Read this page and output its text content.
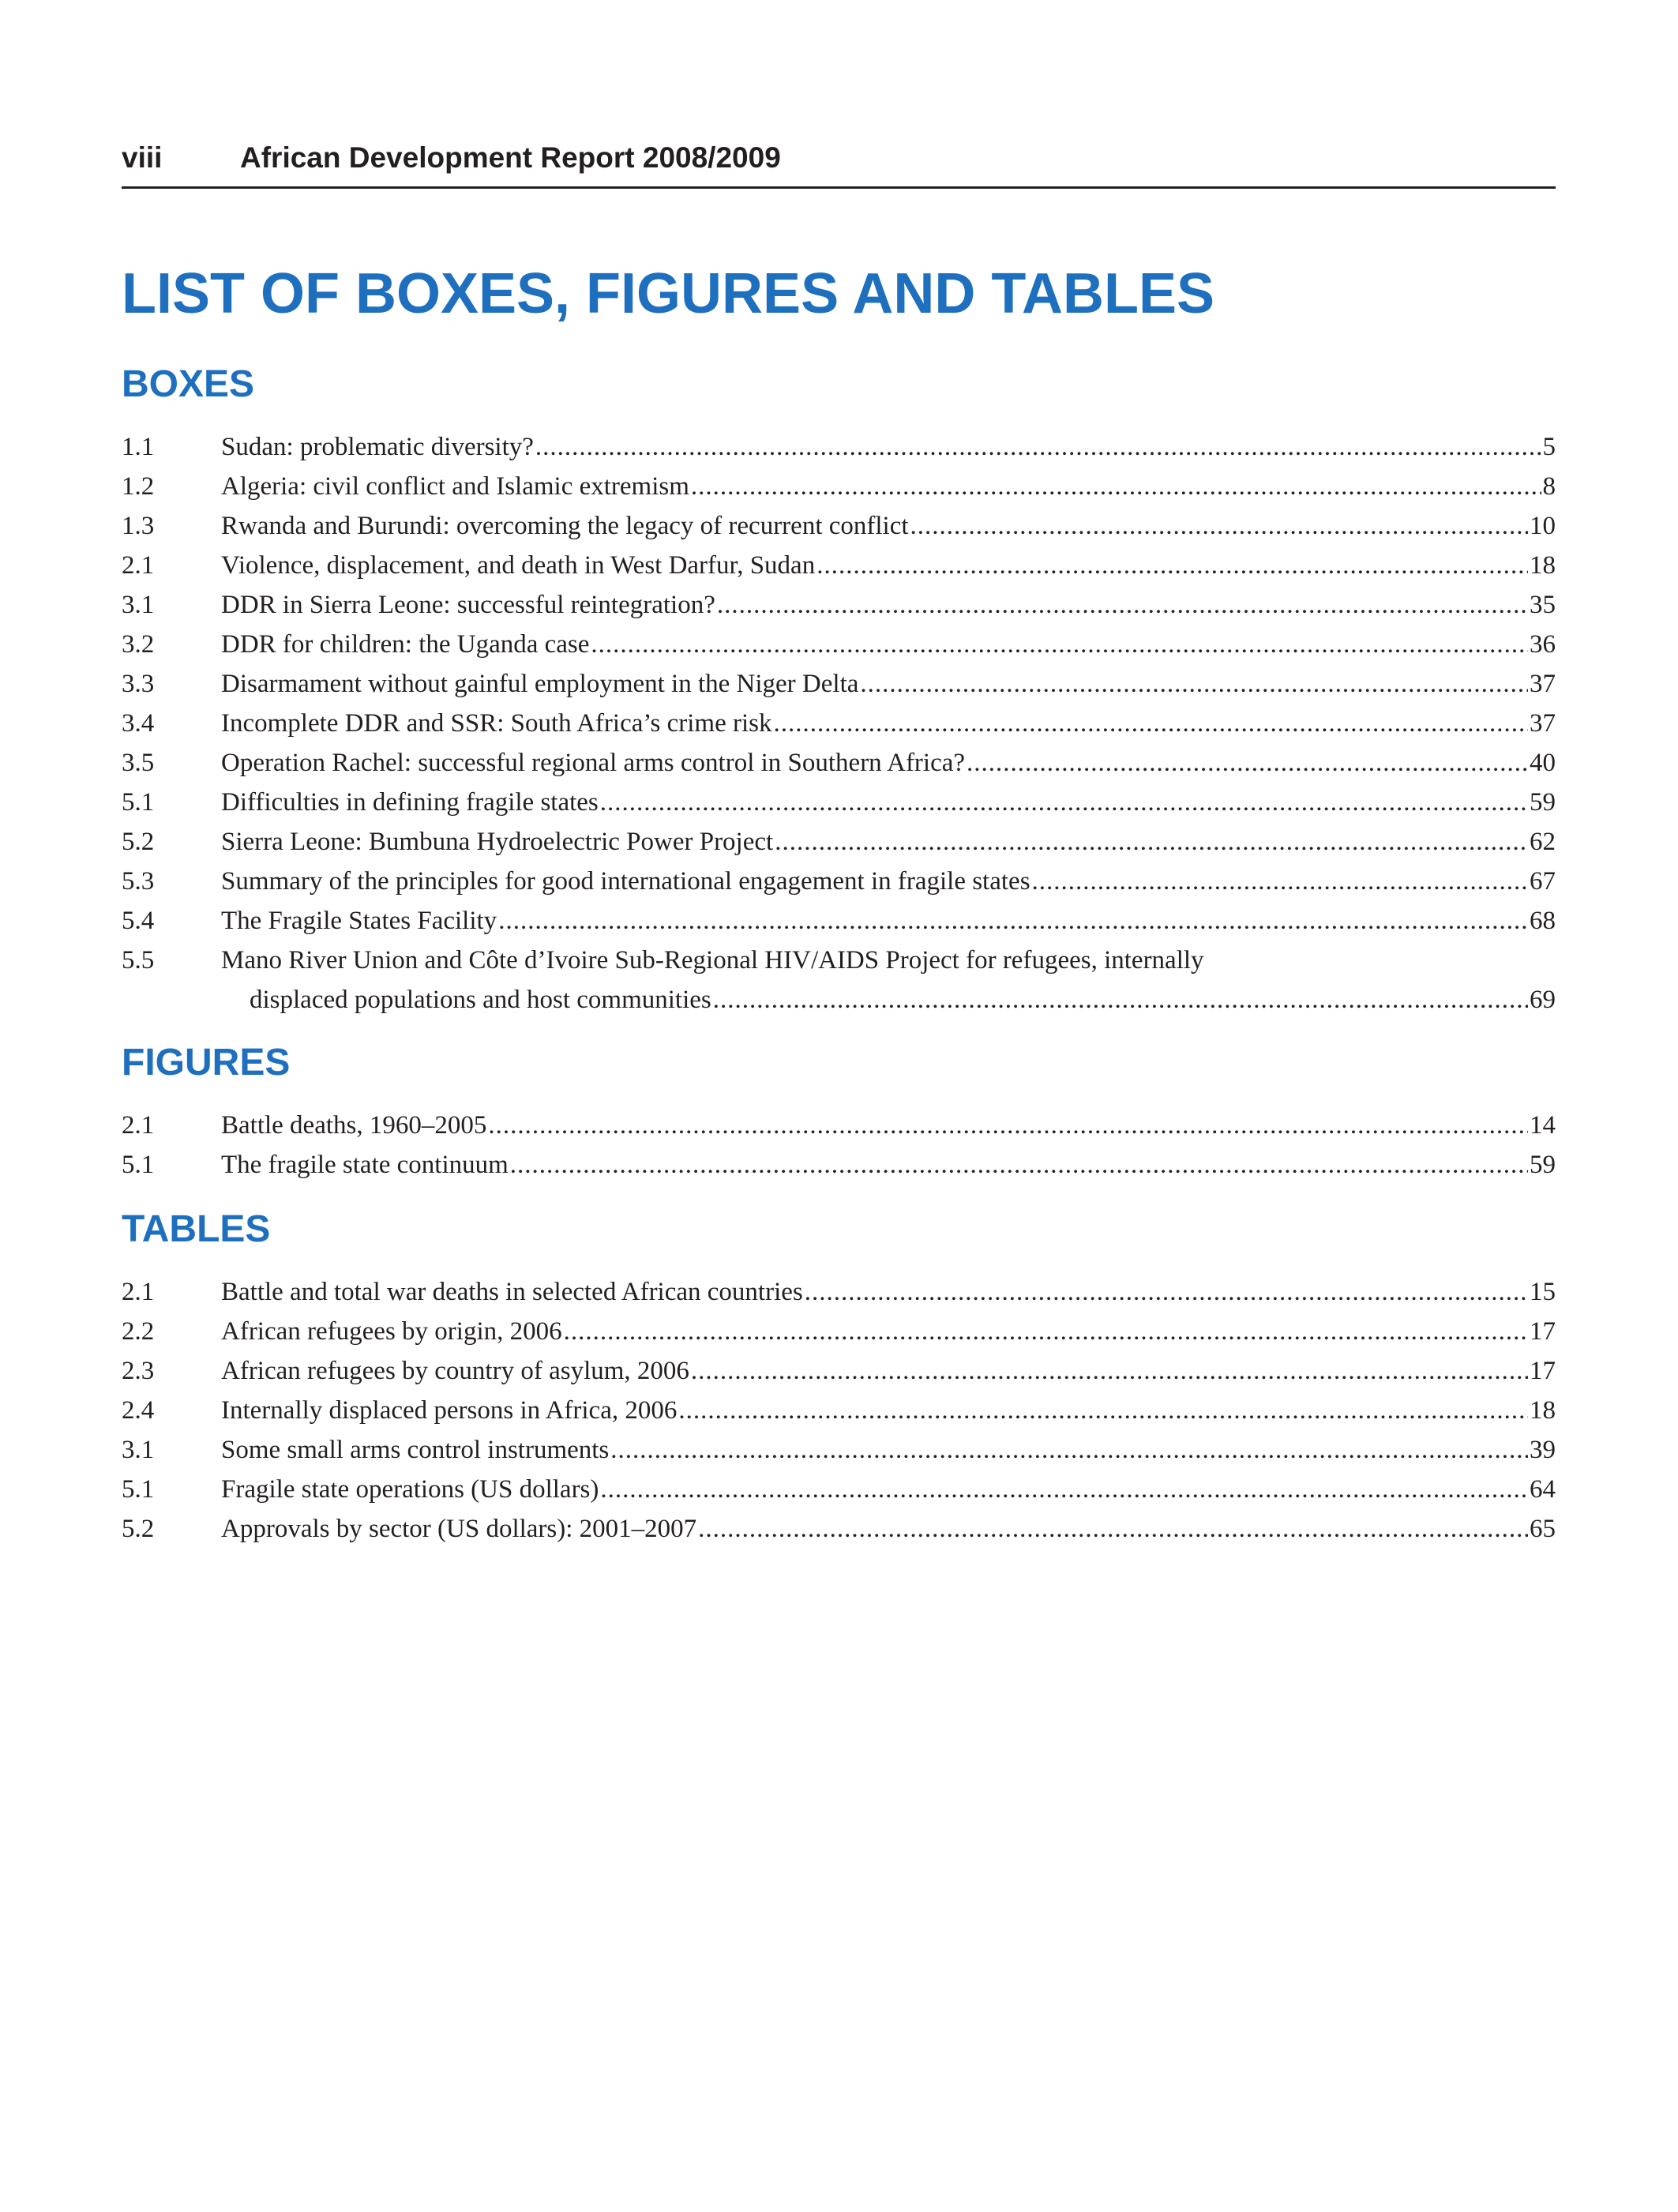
viii	African Development Report 2008/2009
LIST OF BOXES, FIGURES AND TABLES
BOXES
1.1	Sudan: problematic diversity? .....	5
1.2	Algeria: civil conflict and Islamic extremism .....	8
1.3	Rwanda and Burundi: overcoming the legacy of recurrent conflict .....	10
2.1	Violence, displacement, and death in West Darfur, Sudan .....	18
3.1	DDR in Sierra Leone: successful reintegration? .....	35
3.2	DDR for children: the Uganda case .....	36
3.3	Disarmament without gainful employment in the Niger Delta .....	37
3.4	Incomplete DDR and SSR: South Africa’s crime risk .....	37
3.5	Operation Rachel: successful regional arms control in Southern Africa? .....	40
5.1	Difficulties in defining fragile states .....	59
5.2	Sierra Leone: Bumbuna Hydroelectric Power Project .....	62
5.3	Summary of the principles for good international engagement in fragile states .....	67
5.4	The Fragile States Facility .....	68
5.5	Mano River Union and Côte d’Ivoire Sub-Regional HIV/AIDS Project for refugees, internally
displaced populations and host communities .....	69
FIGURES
2.1	Battle deaths, 1960–2005 .....	14
5.1	The fragile state continuum .....	59
TABLES
2.1	Battle and total war deaths in selected African countries .....	15
2.2	African refugees by origin, 2006 .....	17
2.3	African refugees by country of asylum, 2006 .....	17
2.4	Internally displaced persons in Africa, 2006 .....	18
3.1	Some small arms control instruments .....	39
5.1	Fragile state operations (US dollars) .....	64
5.2	Approvals by sector (US dollars): 2001–2007 .....	65
